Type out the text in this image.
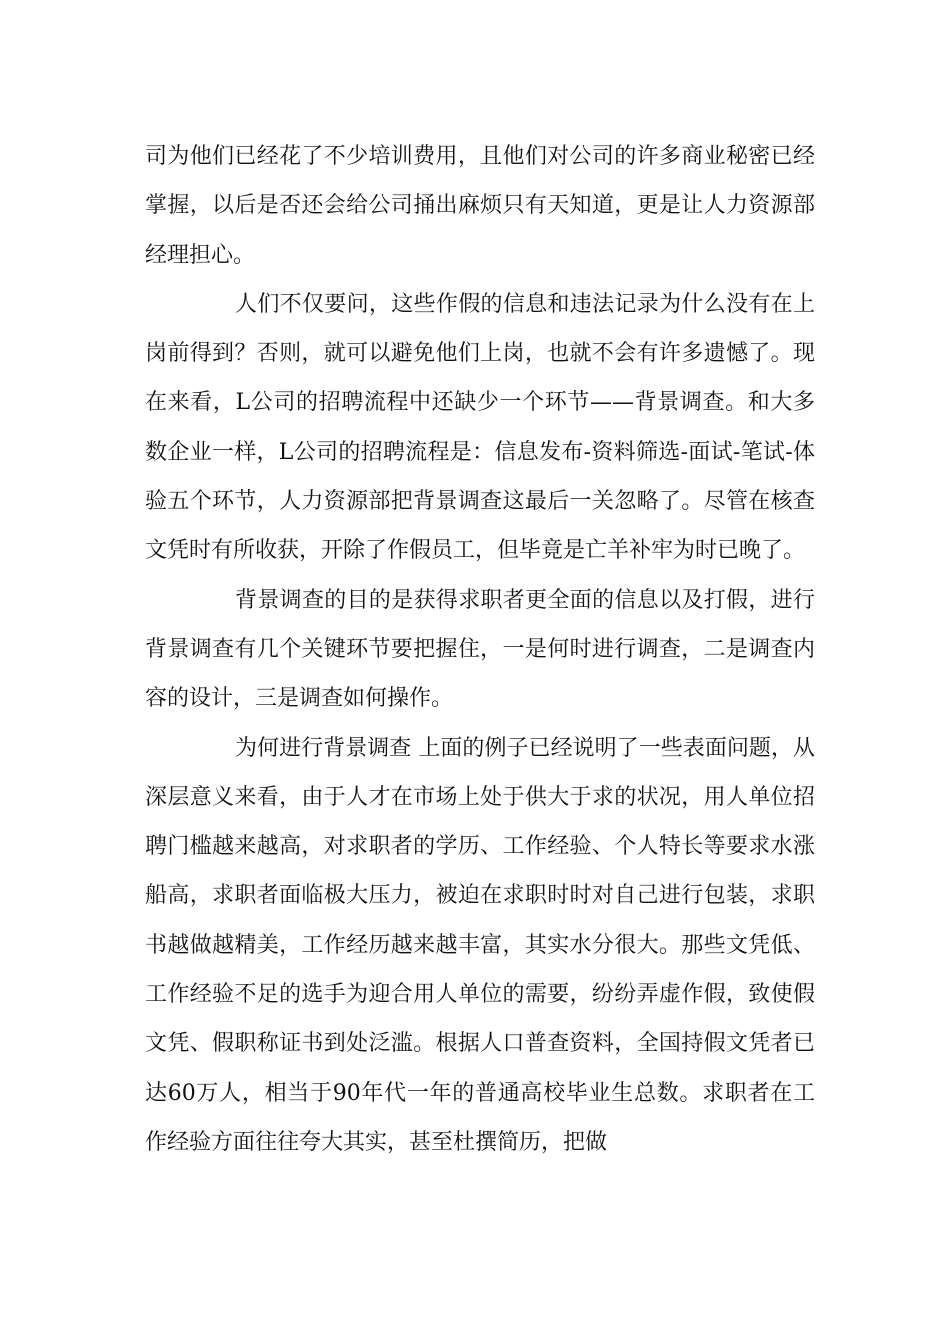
司为他们已经花了不少培训费用，且他们对公司的许多商业秘密已经掌握，以后是否还会给公司捅出麻烦只有天知道，更是让人力资源部经理担心。

人们不仅要问，这些作假的信息和违法记录为什么没有在上岗前得到？否则，就可以避免他们上岗，也就不会有许多遗憾了。现在来看，L公司的招聘流程中还缺少一个环节——背景调查。和大多数企业一样，L公司的招聘流程是：信息发布-资料筛选-面试-笔试-体验五个环节，人力资源部把背景调查这最后一关忽略了。尽管在核查文凭时有所收获，开除了作假员工，但毕竟是亡羊补牢为时已晚了。

背景调查的目的是获得求职者更全面的信息以及打假，进行背景调查有几个关键环节要把握住，一是何时进行调查，二是调查内容的设计，三是调查如何操作。

为何进行背景调查 上面的例子已经说明了一些表面问题，从深层意义来看，由于人才在市场上处于供大于求的状况，用人单位招聘门槛越来越高，对求职者的学历、工作经验、个人特长等要求水涨船高，求职者面临极大压力，被迫在求职时时对自己进行包装，求职书越做越精美，工作经历越来越丰富，其实水分很大。那些文凭低、工作经验不足的选手为迎合用人单位的需要，纷纷弄虚作假，致使假文凭、假职称证书到处泛滥。根据人口普查资料，全国持假文凭者已达60万人，相当于90年代一年的普通高校毕业生总数。求职者在工作经验方面往往夸大其实，甚至杜撰简历，把做
